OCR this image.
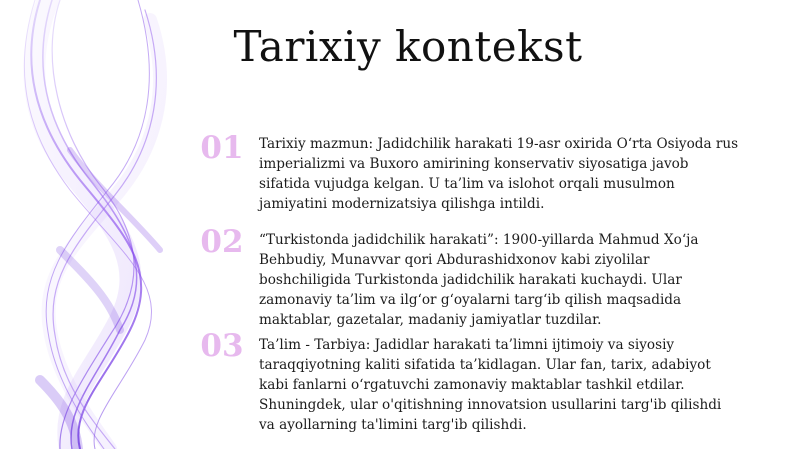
Tarixiy kontekst
01	Tarixiy mazmun: Jadidchilik harakati 19-asr oxirida O‘rta Osiyoda rus imperializmi va Buxoro amirining konservativ siyosatiga javob sifatida vujudga kelgan. U ta’lim va islohot orqali musulmon jamiyatini modernizatsiya qilishga intildi.
02	“Turkistonda jadidchilik harakati”: 1900-yillarda Mahmud Xo‘ja Behbudiy, Munavvar qori Abdurashidxonov kabi ziyolilar boshchiligida Turkistonda jadidchilik harakati kuchaydi. Ular zamonaviy ta’lim va ilg‘or g‘oyalarni targ‘ib qilish maqsadida maktablar, gazetalar, madaniy jamiyatlar tuzdilar.
03	Ta’lim - Tarbiya: Jadidlar harakati ta’limni ijtimoiy va siyosiy taraqqiyotning kaliti sifatida ta’kidlagan. Ular fan, tarix, adabiyot kabi fanlarni o‘rgatuvchi zamonaviy maktablar tashkil etdilar. Shuningdek, ular o'qitishning innovatsion usullarini targ'ib qilishdi va ayollarning ta'limini targ'ib qilishdi.
